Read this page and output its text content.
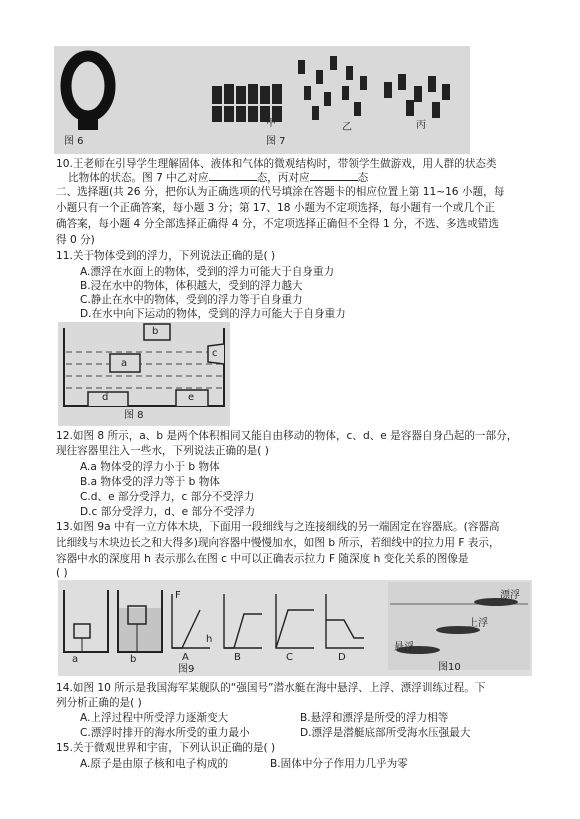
图 6	图 7
甲	乙	丙
10.王老师在引导学生理解固体、液体和气体的微观结构时，带领学生做游戏，用人群的状态类
比物体的状态。图 7 中乙对应	态，丙对应	态
二、选择题(共 26 分，把你认为正确选项的代号填涂在答题卡的相应位置上第 11~16 小题，每
小题只有一个正确答案，每小题 3 分；第 17、18 小题为不定项选择，每小题有一个或几个正
确答案，每小题 4 分全部选择正确得 4 分，不定项选择正确但不全得 1 分，不选、多选或错选
得 0 分)
11.关于物体受到的浮力，下列说法正确的是( )
A.漂浮在水面上的物体，受到的浮力可能大于自身重力
B.浸在水中的物体，体积越大，受到的浮力越大
C.静止在水中的物体，受到的浮力等于自身重力
D.在水中向下运动的物体，受到的浮力可能大于自身重力
b
a
c
d	e
图 8
12.如图 8 所示，a、b 是两个体积相同又能自由移动的物体，c、d、e 是容器自身凸起的一部分，
现往容器里注入一些水，下列说法正确的是( )
A.a 物体受的浮力小于 b 物体
B.a 物体受的浮力等于 b 物体
C.d、e 部分受浮力，c 部分不受浮力
D.c 部分受浮力，d、e 部分不受浮力
13.如图 9a 中有一立方体木块，下面用一段细线与之连接细线的另一端固定在容器底。(容器高
比细线与木块边长之和大得多)现向容器中慢慢加水，如图 b 所示，若细线中的拉力用 F 表示，
容器中水的深度用 h 表示那么在图 c 中可以正确表示拉力 F 随深度 h 变化关系的图像是
( )
a	b	A	B	C	D
F
h
图9
漂浮
上浮
悬浮
图10
14.如图 10 所示是我国海军某舰队的“强国号”潜水艇在海中悬浮、上浮、漂浮训练过程。下
列分析正确的是( )
A.上浮过程中所受浮力逐渐变大	B.悬浮和漂浮是所受的浮力相等
C.漂浮时排开的海水所受的重力最小	D.漂浮是潜艇底部所受海水压强最大
15.关于微观世界和宇宙，下列认识正确的是( )
A.原子是由原子核和电子构成的	B.固体中分子作用力几乎为零
